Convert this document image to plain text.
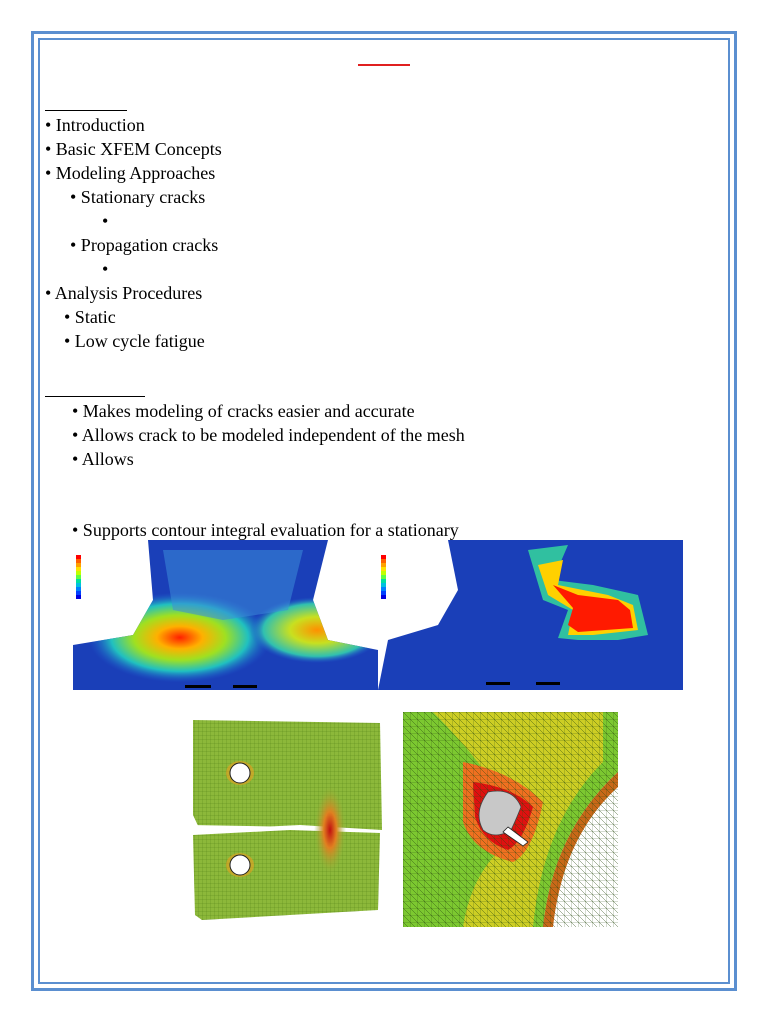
• Introduction
• Basic XFEM Concepts
• Modeling Approaches
• Stationary cracks
•
• Propagation cracks
•
• Analysis Procedures
• Static
• Low cycle fatigue
• Makes modeling of cracks easier and accurate
• Allows crack to be modeled independent of the mesh
• Allows
• Supports contour integral evaluation for a stationary
